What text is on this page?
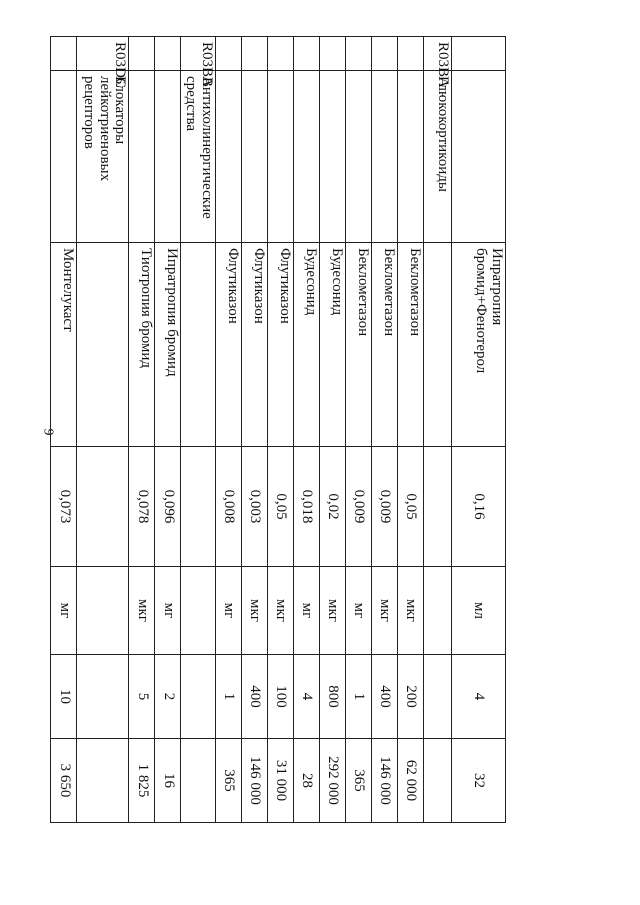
9
		Ипратропия бромид+Фенотерол	0,16	мл	4	32
R03BA	Глюкокортикоиды					
		Беклометазон	0,05	мкг	200	62 000
		Беклометазон	0,009	мкг	400	146 000
		Беклометазон	0,009	мг	1	365
		Будесонид	0,02	мкг	800	292 000
		Будесонид	0,018	мг	4	28
		Флутиказон	0,05	мкг	100	31 000
		Флутиказон	0,003	мкг	400	146 000
		Флутиказон	0,008	мг	1	365
R03BB	Антихолинергические средства					
		Ипратропия бромид	0,096	мг	2	16
		Тиотропия бромид	0,078	мкг	5	1 825
R03DC	Блокаторы лейкотриеновых рецепторов					
		Монтелукаст	0,073	мг	10	3 650
